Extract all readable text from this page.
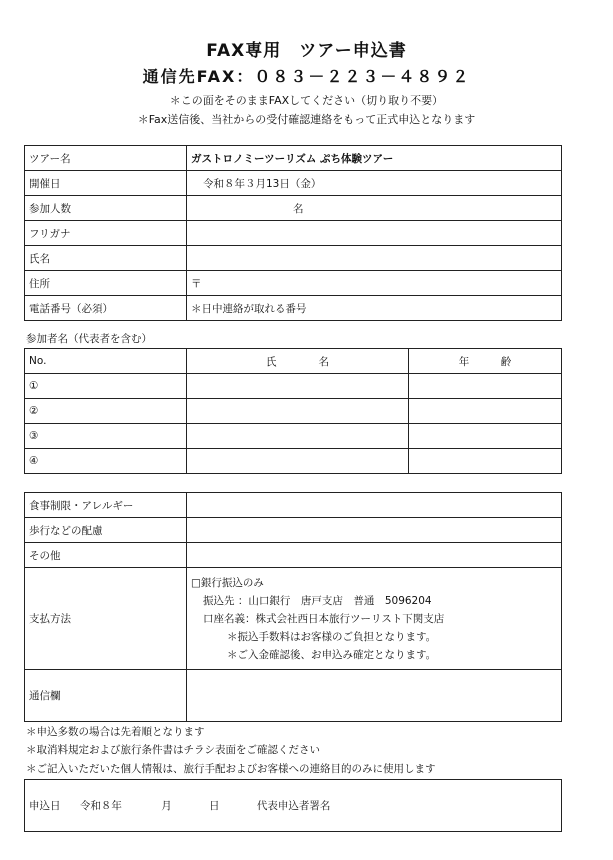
FAX専用　ツアー申込書
通信先FAX：０８３－２２３－４８９２
＊この面をそのままFAXしてください（切り取り不要）
＊Fax送信後、当社からの受付確認連絡をもって正式申込となります
ツアー名	ガストロノミーツーリズム ぷち体験ツアー
開催日	令和８年３月13日（金）
参加人数	名
フリガナ	
氏名	
住所	〒
電話番号（必須）	＊日中連絡が取れる番号
参加者名（代表者を含む）
No.	氏　　　　名	年　　　齢
①		
②		
③		
④		
食事制限・アレルギー	
歩行などの配慮	
その他	
支払方法	□銀行振込のみ
振込先 ：山口銀行　唐戸支店　普通　5096204
口座名義：株式会社西日本旅行ツーリスト下関支店
＊振込手数料はお客様のご負担となります。
＊ご入金確認後、お申込み確定となります。

通信欄	
＊申込多数の場合は先着順となります
＊取消料規定および旅行条件書はチラシ表面をご確認ください
＊ご記入いただいた個人情報は、旅行手配およびお客様への連絡目的のみに使用します
申込日 令和８年	月	日	代表申込者署名
